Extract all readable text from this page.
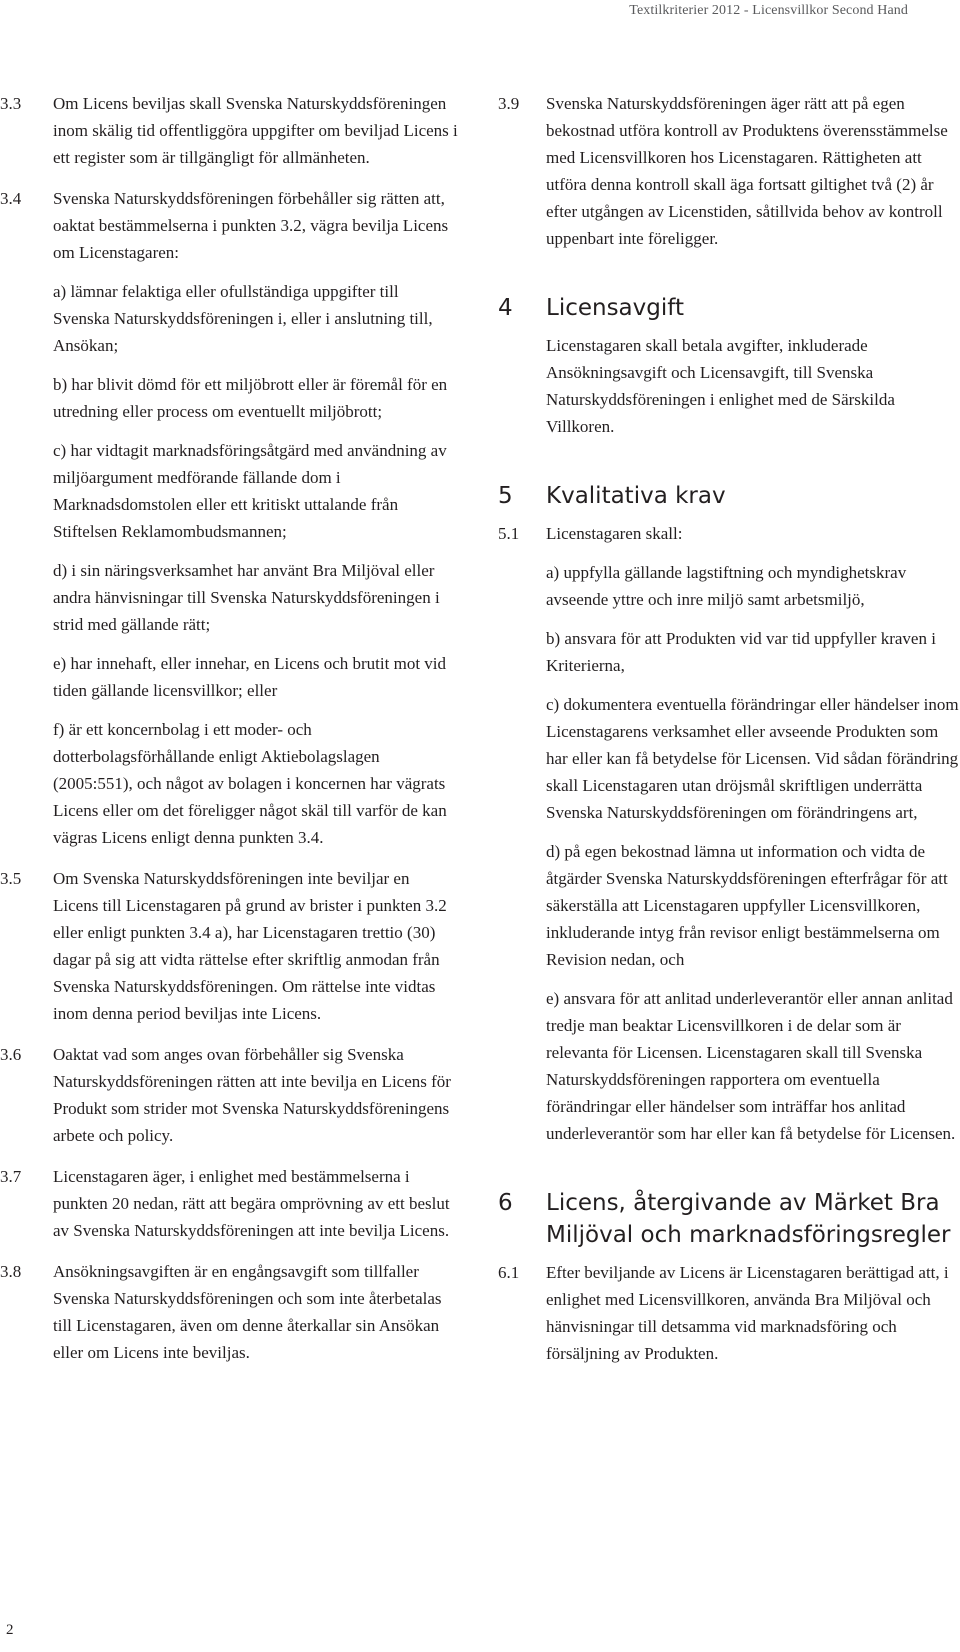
Textilkriterier 2012 - Licensvillkor Second Hand
3.3	Om Licens beviljas skall Svenska Naturskyddsföreningen inom skälig tid offentliggöra uppgifter om beviljad Licens i ett register som är tillgängligt för allmänheten.

3.4	Svenska Naturskyddsföreningen förbehåller sig rätten att, oaktat bestämmelserna i punkten 3.2, vägra bevilja Licens om Licenstagaren:

a) lämnar felaktiga eller ofullständiga uppgifter till Svenska Naturskyddsföreningen i, eller i anslutning till, Ansökan;

b) har blivit dömd för ett miljöbrott eller är föremål för en utredning eller process om eventuellt miljöbrott;

c) har vidtagit marknadsföringsåtgärd med användning av miljöargument medförande fällande dom i Marknadsdomstolen eller ett kritiskt uttalande från Stiftelsen Reklamombudsmannen;

d) i sin näringsverksamhet har använt Bra Miljöval eller andra hänvisningar till Svenska Naturskyddsföreningen i strid med gällande rätt;

e) har innehaft, eller innehar, en Licens och brutit mot vid tiden gällande licensvillkor; eller

f) är ett koncernbolag i ett moder- och dotterbolagsförhållande enligt Aktiebolagslagen (2005:551), och något av bolagen i koncernen har vägrats Licens eller om det föreligger något skäl till varför de kan vägras Licens enligt denna punkten 3.4.

3.5	Om Svenska Naturskyddsföreningen inte beviljar en Licens till Licenstagaren på grund av brister i punkten 3.2 eller enligt punkten 3.4 a), har Licenstagaren trettio (30) dagar på sig att vidta rättelse efter skriftlig anmodan från Svenska Naturskyddsföreningen. Om rättelse inte vidtas inom denna period beviljas inte Licens.

3.6	Oaktat vad som anges ovan förbehåller sig Svenska Naturskyddsföreningen rätten att inte bevilja en Licens för Produkt som strider mot Svenska Naturskyddsföreningens arbete och policy.

3.7	Licenstagaren äger, i enlighet med bestämmelserna i punkten 20 nedan, rätt att begära omprövning av ett beslut av Svenska Naturskyddsföreningen att inte bevilja Licens.

3.8	Ansökningsavgiften är en engångsavgift som tillfaller Svenska Naturskyddsföreningen och som inte återbetalas till Licenstagaren, även om denne återkallar sin Ansökan eller om Licens inte beviljas.

3.9	Svenska Naturskyddsföreningen äger rätt att på egen bekostnad utföra kontroll av Produktens överensstämmelse med Licensvillkoren hos Licenstagaren. Rättigheten att utföra denna kontroll skall äga fortsatt giltighet två (2) år efter utgången av Licenstiden, såtillvida behov av kontroll uppenbart inte föreligger.

4	Licensavgift
Licenstagaren skall betala avgifter, inkluderade Ansökningsavgift och Licensavgift, till Svenska Naturskyddsföreningen i enlighet med de Särskilda Villkoren.
5	Kvalitativa krav
5.1	Licenstagaren skall:

a) uppfylla gällande lagstiftning och myndighetskrav avseende yttre och inre miljö samt arbetsmiljö,

b) ansvara för att Produkten vid var tid uppfyller kraven i Kriterierna,

c) dokumentera eventuella förändringar eller händelser inom Licenstagarens verksamhet eller avseende Produkten som har eller kan få betydelse för Licensen. Vid sådan förändring skall Licenstagaren utan dröjsmål skriftligen underrätta Svenska Naturskyddsföreningen om förändringens art,

d) på egen bekostnad lämna ut information och vidta de åtgärder Svenska Naturskyddsföreningen efterfrågar för att säkerställa att Licenstagaren uppfyller Licensvillkoren, inkluderande intyg från revisor enligt bestämmelserna om Revision nedan, och

e) ansvara för att anlitad underleverantör eller annan anlitad tredje man beaktar Licensvillkoren i de delar som är relevanta för Licensen. Licenstagaren skall till Svenska Naturskyddsföreningen rapportera om eventuella förändringar eller händelser som inträffar hos anlitad underleverantör som har eller kan få betydelse för Licensen.

6	Licens, återgivande av Märket Bra Miljöval och marknadsföringsregler
6.1	Efter beviljande av Licens är Licenstagaren berättigad att, i enlighet med Licensvillkoren, använda Bra Miljöval och hänvisningar till detsamma vid marknadsföring och försäljning av Produkten.

2
